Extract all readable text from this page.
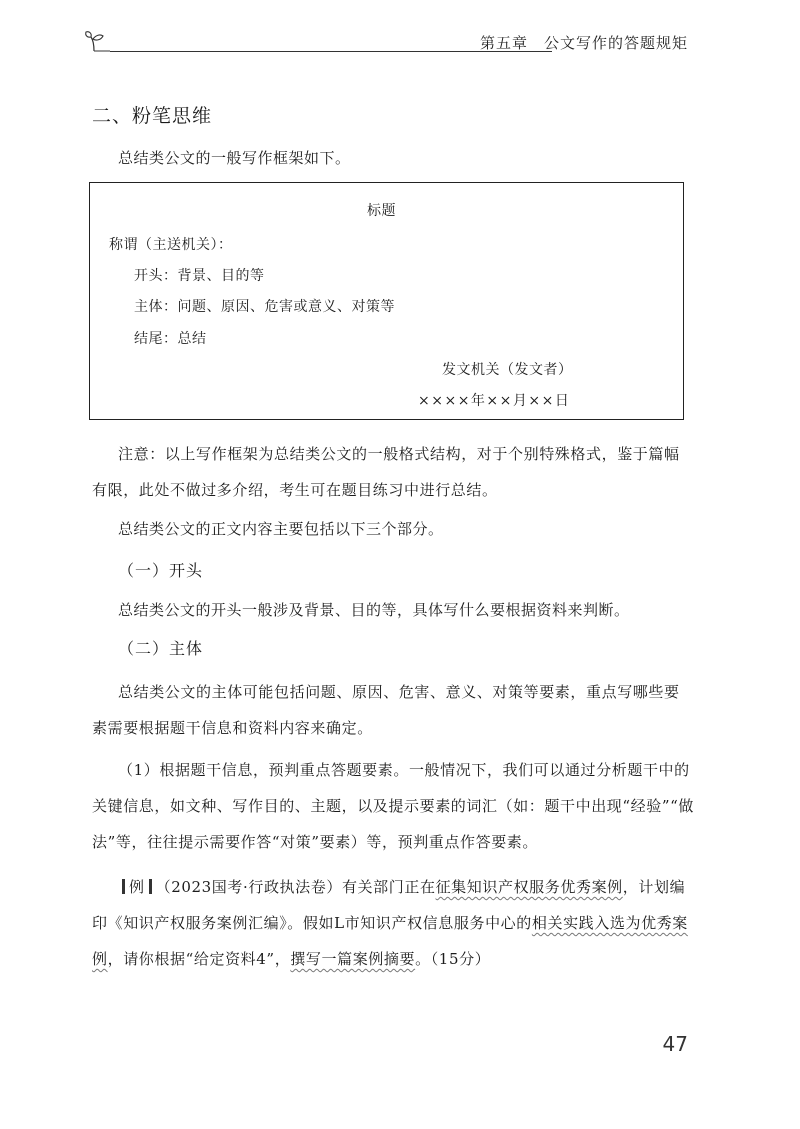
第五章 公文写作的答题规矩
二、粉笔思维
总结类公文的一般写作框架如下。
标题
称谓（主送机关）：
开头：背景、目的等
主体：问题、原因、危害或意义、对策等
结尾：总结
发文机关（发文者）
××××年××月××日
注意：以上写作框架为总结类公文的一般格式结构，对于个别特殊格式，鉴于篇幅有限，此处不做过多介绍，考生可在题目练习中进行总结。
总结类公文的正文内容主要包括以下三个部分。
（一）开头
总结类公文的开头一般涉及背景、目的等，具体写什么要根据资料来判断。
（二）主体
总结类公文的主体可能包括问题、原因、危害、意义、对策等要素，重点写哪些要素需要根据题干信息和资料内容来确定。
（1）根据题干信息，预判重点答题要素。一般情况下，我们可以通过分析题干中的关键信息，如文种、写作目的、主题，以及提示要素的词汇（如：题干中出现“经验”“做法”等，往往提示需要作答“对策”要素）等，预判重点作答要素。
例 （2023国考·行政执法卷）有关部门正在征集知识产权服务优秀案例，计划编印《知识产权服务案例汇编》。假如L市知识产权信息服务中心的相关实践入选为优秀案例，请你根据“给定资料4”，撰写一篇案例摘要。（15分）
47
